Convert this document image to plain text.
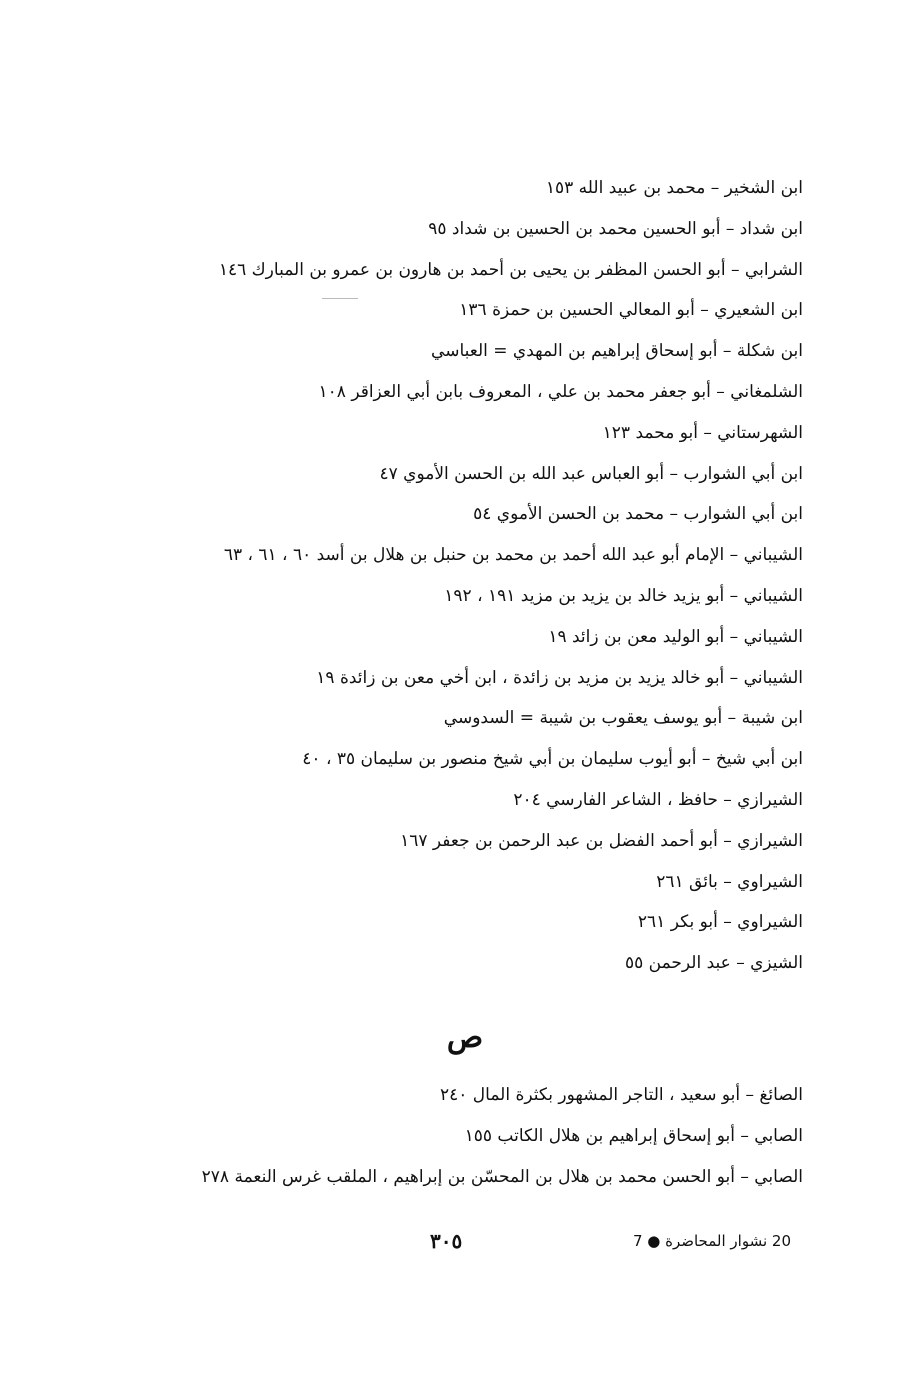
ابن الشخير – محمد بن عبيد الله ١٥٣
ابن شداد – أبو الحسين محمد بن الحسين بن شداد ٩٥
الشرابي – أبو الحسن المظفر بن يحيى بن أحمد بن هارون بن عمرو بن المبارك ١٤٦
ابن الشعيري – أبو المعالي الحسين بن حمزة ١٣٦
ابن شكلة – أبو إسحاق إبراهيم بن المهدي = العباسي
الشلمغاني – أبو جعفر محمد بن علي ، المعروف بابن أبي العزاقر ١٠٨
الشهرستاني – أبو محمد ١٢٣
ابن أبي الشوارب – أبو العباس عبد الله بن الحسن الأموي ٤٧
ابن أبي الشوارب – محمد بن الحسن الأموي ٥٤
الشيباني – الإمام أبو عبد الله أحمد بن محمد بن حنبل بن هلال بن أسد ٦٠ ، ٦١ ، ٦٣
الشيباني – أبو يزيد خالد بن يزيد بن مزيد ١٩١ ، ١٩٢
الشيباني – أبو الوليد معن بن زائد ١٩
الشيباني – أبو خالد يزيد بن مزيد بن زائدة ، ابن أخي معن بن زائدة ١٩
ابن شيبة – أبو يوسف يعقوب بن شيبة = السدوسي
ابن أبي شيخ – أبو أيوب سليمان بن أبي شيخ منصور بن سليمان ٣٥ ، ٤٠
الشيرازي – حافظ ، الشاعر الفارسي ٢٠٤
الشيرازي – أبو أحمد الفضل بن عبد الرحمن بن جعفر ١٦٧
الشيراوي – بائق ٢٦١
الشيراوي – أبو بكر ٢٦١
الشيزي – عبد الرحمن ٥٥
ص
الصائغ – أبو سعيد ، التاجر المشهور بكثرة المال ٢٤٠
الصابي – أبو إسحاق إبراهيم بن هلال الكاتب ١٥٥
الصابي – أبو الحسن محمد بن هلال بن المحسّن بن إبراهيم ، الملقب غرس النعمة ٢٧٨
20 نشوار المحاضرة ● 7
٣٠٥
